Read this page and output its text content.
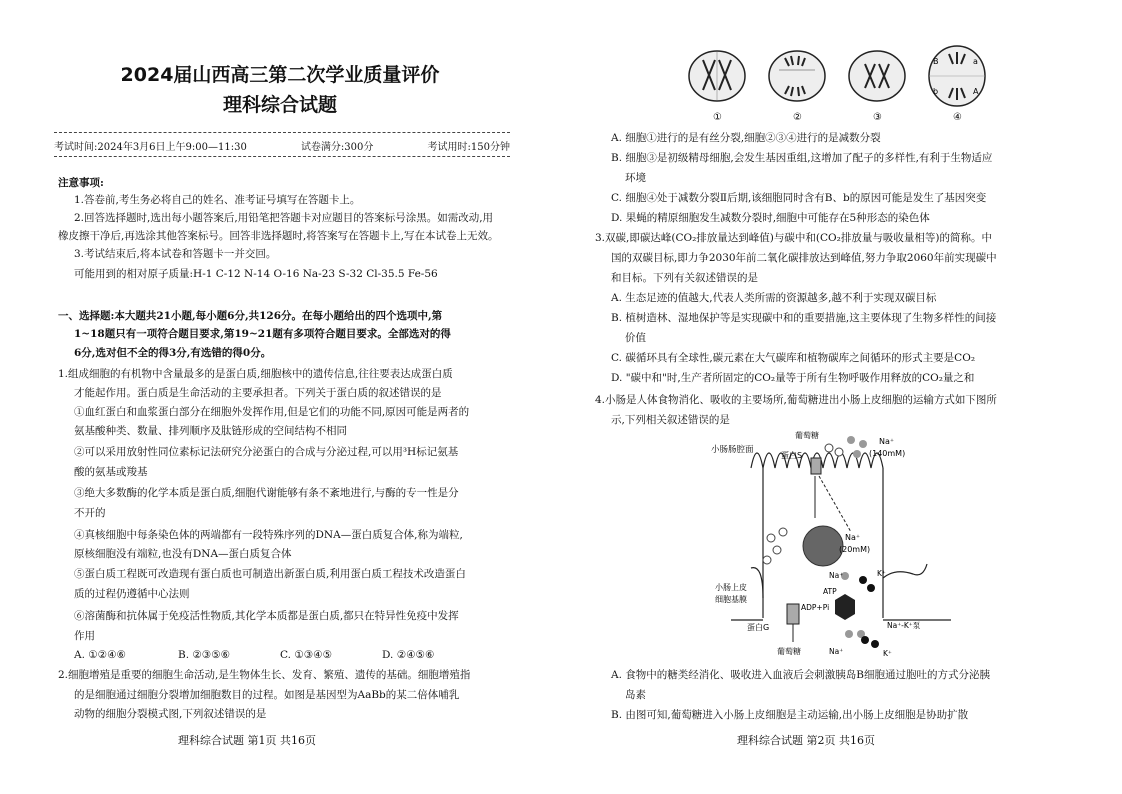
2024届山西高三第二次学业质量评价
理科综合试题
考试时间:2024年3月6日上午9:00—11:30	试卷满分:300分	考试用时:150分钟
注意事项:
1.答卷前,考生务必将自己的姓名、准考证号填写在答题卡上。
2.回答选择题时,选出每小题答案后,用铅笔把答题卡对应题目的答案标号涂黑。如需改动,用
橡皮擦干净后,再选涂其他答案标号。回答非选择题时,将答案写在答题卡上,写在本试卷上无效。
3.考试结束后,将本试卷和答题卡一并交回。
可能用到的相对原子质量:H-1 C-12 N-14 O-16 Na-23 S-32 Cl-35.5 Fe-56
一、选择题:本大题共21小题,每小题6分,共126分。在每小题给出的四个选项中,第
1~18题只有一项符合题目要求,第19~21题有多项符合题目要求。全部选对的得
6分,选对但不全的得3分,有选错的得0分。
1.组成细胞的有机物中含量最多的是蛋白质,细胞核中的遗传信息,往往要表达成蛋白质
才能起作用。蛋白质是生命活动的主要承担者。下列关于蛋白质的叙述错误的是
①血红蛋白和血浆蛋白部分在细胞外发挥作用,但是它们的功能不同,原因可能是两者的
氨基酸种类、数量、排列顺序及肽链形成的空间结构不相同
②可以采用放射性同位素标记法研究分泌蛋白的合成与分泌过程,可以用³H标记氨基
酸的氨基或羧基
③绝大多数酶的化学本质是蛋白质,细胞代谢能够有条不紊地进行,与酶的专一性是分
不开的
④真核细胞中每条染色体的两端都有一段特殊序列的DNA—蛋白质复合体,称为端粒,
原核细胞没有端粒,也没有DNA—蛋白质复合体
⑤蛋白质工程既可改造现有蛋白质也可制造出新蛋白质,利用蛋白质工程技术改造蛋白
质的过程仍遵循中心法则
⑥溶菌酶和抗体属于免疫活性物质,其化学本质都是蛋白质,都只在特异性免疫中发挥
作用
A. ①②④⑥	B. ②③⑤⑥	C. ①③④⑤	D. ②④⑤⑥
2.细胞增殖是重要的细胞生命活动,是生物体生长、发育、繁殖、遗传的基础。细胞增殖指
的是细胞通过细胞分裂增加细胞数目的过程。如图是基因型为AaBb的某二倍体哺乳
动物的细胞分裂模式图,下列叙述错误的是
理科综合试题 第1页 共16页
B	a
b	A
①	②	③	④
A. 细胞①进行的是有丝分裂,细胞②③④进行的是减数分裂
B. 细胞③是初级精母细胞,会发生基因重组,这增加了配子的多样性,有利于生物适应
环境
C. 细胞④处于减数分裂Ⅱ后期,该细胞同时含有B、b的原因可能是发生了基因突变
D. 果蝇的精原细胞发生减数分裂时,细胞中可能存在5种形态的染色体
3.双碳,即碳达峰(CO₂排放量达到峰值)与碳中和(CO₂排放量与吸收量相等)的简称。中
国的双碳目标,即力争2030年前二氧化碳排放达到峰值,努力争取2060年前实现碳中
和目标。下列有关叙述错误的是
A. 生态足迹的值越大,代表人类所需的资源越多,越不利于实现双碳目标
B. 植树造林、湿地保护等是实现碳中和的重要措施,这主要体现了生物多样性的间接
价值
C. 碳循环具有全球性,碳元素在大气碳库和植物碳库之间循环的形式主要是CO₂
D. "碳中和"时,生产者所固定的CO₂量等于所有生物呼吸作用释放的CO₂量之和
4.小肠是人体食物消化、吸收的主要场所,葡萄糖进出小肠上皮细胞的运输方式如下图所
示,下列相关叙述错误的是
小肠肠腔面
葡萄糖
蛋白S
Na⁺
(140mM)
Na⁺
(20mM)
Na⁺	K⁺
ATP
ADP+Pi
小肠上皮
细胞基膜
蛋白G
葡萄糖	Na⁺	K⁺
Na⁺-K⁺泵
A. 食物中的糖类经消化、吸收进入血液后会刺激胰岛B细胞通过胞吐的方式分泌胰
岛素
B. 由图可知,葡萄糖进入小肠上皮细胞是主动运输,出小肠上皮细胞是协助扩散
理科综合试题 第2页 共16页
